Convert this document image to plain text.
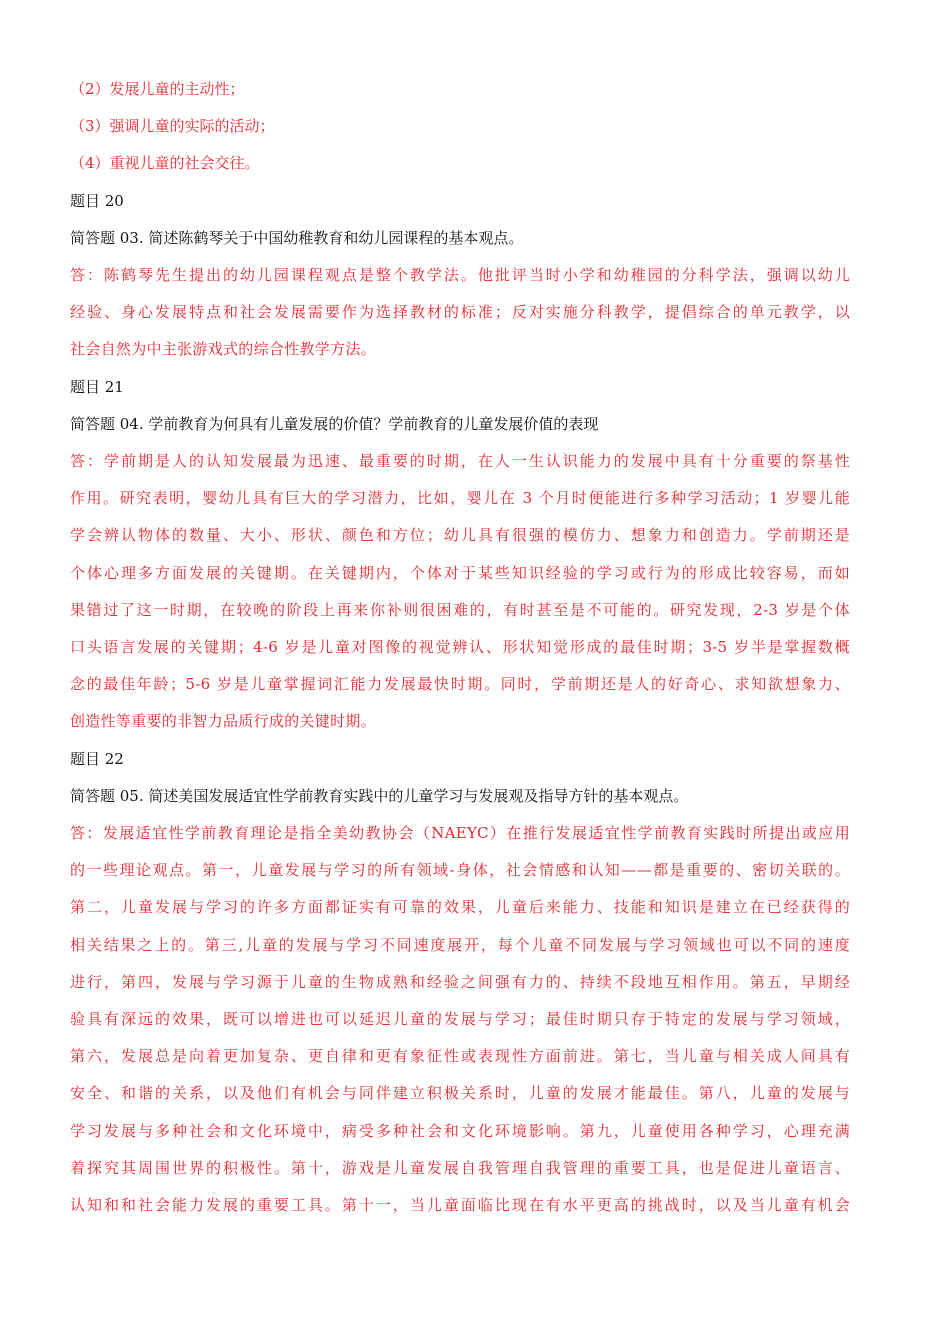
（2）发展儿童的主动性；
（3）强调儿童的实际的活动；
（4）重视儿童的社会交往。
题目 20
简答题 03. 简述陈鹤琴关于中国幼稚教育和幼儿园课程的基本观点。
答：陈鹤琴先生提出的幼儿园课程观点是整个教学法。他批评当时小学和幼稚园的分科学法，强调以幼儿
经验、身心发展特点和社会发展需要作为选择教材的标准；反对实施分科教学，提倡综合的单元教学，以
社会自然为中主张游戏式的综合性教学方法。
题目 21
简答题 04. 学前教育为何具有儿童发展的价值？学前教育的儿童发展价值的表现
答：学前期是人的认知发展最为迅速、最重要的时期，在人一生认识能力的发展中具有十分重要的祭基性
作用。研究表明，婴幼儿具有巨大的学习潜力，比如，婴儿在 3 个月时便能进行多种学习活动；1 岁婴儿能
学会辨认物体的数量、大小、形状、颜色和方位；幼儿具有很强的模仿力、想象力和创造力。学前期还是
个体心理多方面发展的关键期。在关键期内，个体对于某些知识经验的学习或行为的形成比较容易，而如
果错过了这一时期，在较晚的阶段上再来你补则很困难的，有时甚至是不可能的。研究发现，2-3 岁是个体
口头语言发展的关键期；4-6 岁是儿童对图像的视觉辨认、形状知觉形成的最佳时期；3-5 岁半是掌握数概
念的最佳年龄；5-6 岁是儿童掌握词汇能力发展最快时期。同时，学前期还是人的好奇心、求知欲想象力、
创造性等重要的非智力品质行成的关键时期。
题目 22
简答题 05. 简述美国发展适宜性学前教育实践中的儿童学习与发展观及指导方针的基本观点。
答：发展适宜性学前教育理论是指全美幼教协会（NAEYC）在推行发展适宜性学前教育实践时所提出或应用
的一些理论观点。第一，儿童发展与学习的所有领域-身体，社会情感和认知——都是重要的、密切关联的。
第二，儿童发展与学习的许多方面都证实有可靠的效果，儿童后来能力、技能和知识是建立在已经获得的
相关结果之上的。第三,儿童的发展与学习不同速度展开，每个儿童不同发展与学习领域也可以不同的速度
进行，第四，发展与学习源于儿童的生物成熟和经验之间强有力的、持续不段地互相作用。第五，早期经
验具有深远的效果，既可以增进也可以延迟儿童的发展与学习；最佳时期只存于特定的发展与学习领域，
第六，发展总是向着更加复杂、更自律和更有象征性或表现性方面前进。第七，当儿童与相关成人间具有
安全、和谐的关系，以及他们有机会与同伴建立积极关系时，儿童的发展才能最佳。第八，儿童的发展与
学习发展与多种社会和文化环境中，病受多种社会和文化环境影响。第九，儿童使用各种学习，心理充满
着探究其周围世界的积极性。第十，游戏是儿童发展自我管理自我管理的重要工具，也是促进儿童语言、
认知和和社会能力发展的重要工具。第十一，当儿童面临比现在有水平更高的挑战时，以及当儿童有机会
